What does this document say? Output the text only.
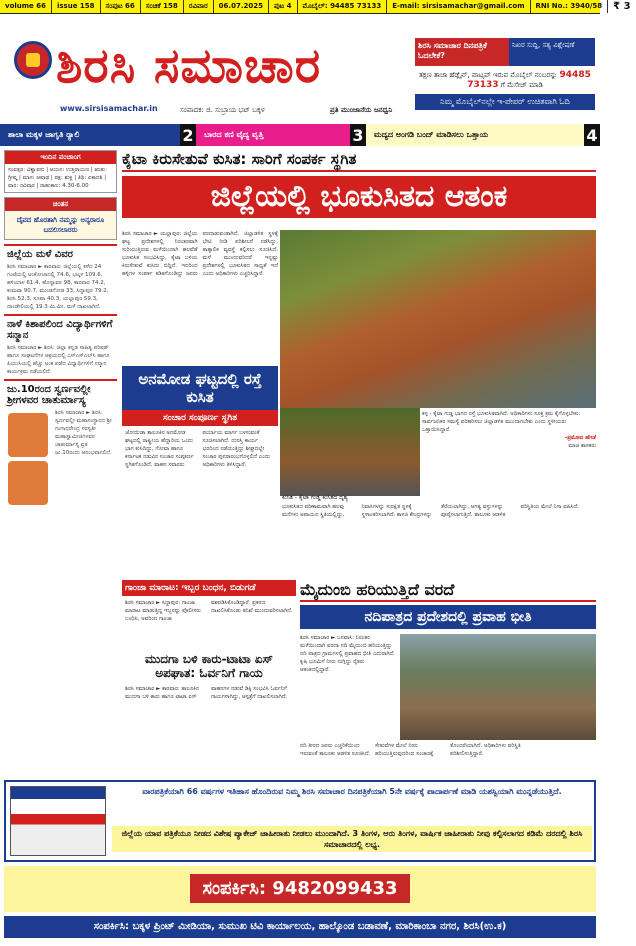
volume 66	issue 158	ಸಂಪುಟ 66	ಸಂಚಿಕೆ 158	ರವಿವಾರ	06.07.2025	ಪುಟ 4	ಮೊಬೈಲ್: 94485 73133	E-mail: sirsisamachar@gmail.com	RNI No.: 3940/58	₹ 3
ಶಿರಸಿ ಸಮಾಚಾರ
www.sirsisamachar.in	ಸಂಪಾದಕ: ಜಿ. ಸುಬ್ರಾಯ ಭಟ್ ಬಕ್ಕಳ	ಪ್ರತಿ ಮುಂಜಾನೆಯ ಜನಧ್ವನಿ
ಶಿರಸಿ ಸಮಾಚಾರ ದಿನಪತ್ರಿಕೆ ಓದಲೇಕೆ?
ನಿಖರ ಸುದ್ದಿ, ಸತ್ಯ ವಿಶ್ಲೇಷಣೆ
ತಕ್ಷಣ ತಾಜಾ ಹೆಡ್ಲೈನ್, ವಾಟ್ಸಪ್ ಇರುವ ಮೊಬೈಲ್ ನಂಬರನ್ನು 94485 73133 ಗೆ ಮೆಸೇಜ್ ಮಾಡಿ
ನಿಮ್ಮ ಮೊಬೈಲ್‌ನಲ್ಲೇ ಇ-ಪೇಪರ್ ಉಚಿತವಾಗಿ ಓದಿ
ಶಾಲಾ ಮಕ್ಕಳ ಜಾಗೃತಿ ರ‍್ಯಾಲಿ	2	ಬಾರದ ಕಣಿ ವೈದ್ಯ ವೃತ್ತಿ	3	ಮದ್ಯದ ಅಂಗಡಿ ಬಂದ್ ಮಾಡಿಸಲು ಒತ್ತಾಯ	4
ಇಂದಿನ ಪಂಚಾಂಗ
ಸಂವತ್ಸರ: ವಿಶ್ವಾವಸು | ಆಯನ: ಉತ್ತರಾಯಣ | ಋತು: ಗ್ರೀಷ್ಮ | ಮಾಸ: ಆಷಾಢ | ಪಕ್ಷ: ಶುಕ್ಲ | ತಿಥಿ: ಏಕಾದಶಿ | ವಾರ: ರವಿವಾರ | ರಾಹುಕಾಲ: 4.30-6.00
ಚಿಂತನ
ದೈವದ ಹೊರತಾಗಿ ನಮ್ಮನ್ನು ಅನ್ಯರಾರೂ ಬದಲಿಸಲಾರರು
ಜಿಲ್ಲೆಯ ಮಳೆ ವಿವರ
ಶಿರಸಿ ಸಮಾಚಾರ ► ಕಾರವಾರ: ಜಿಲ್ಲೆಯಲ್ಲಿ ಕಳೆದ 24 ಗಂಟೆಯಲ್ಲಿ ಅಂಕೋಲಾದಲ್ಲಿ 74.6, ಭಟ್ಕಳ 109.6, ಹಳಿಯಾಳ 61.4, ಹೊನ್ನಾವರ 98, ಕಾರವಾರ 74.2, ಕುಮಟಾ 90.7, ಮುಂಡಗೋಡ 33, ಸಿದ್ದಾಪುರ 79.2, ಶಿರಸಿ 52.3, ಸೂಪಾ 40.3, ಯಲ್ಲಾಪುರ 59.3, ದಾಂಡೇಲಿಯಲ್ಲಿ 19.3 ಮಿ.ಮೀ. ಮಳೆ ದಾಖಲಾಗಿದೆ.
ನಾಳೆ ಕಿಶಾಪಲಿಂದ ವಿದ್ಯಾರ್ಥಿಗಳಿಗೆ ಸನ್ಮಾನ
ಶಿರಸಿ ಸಮಾಚಾರ ► ಶಿರಸಿ: ಜಿಲ್ಲಾ ಕನ್ನಡ ಸಾಹಿತ್ಯ ಪರಿಷತ್ ಹಾಗೂ ಸಂಘಟನೆಗಳ ಆಶ್ರಯದಲ್ಲಿ ಎಸ್ಎಸ್ಎಲ್‌ಸಿ ಹಾಗೂ ಪಿಯುಸಿಯಲ್ಲಿ ಹೆಚ್ಚು ಅಂಕ ಪಡೆದ ವಿದ್ಯಾರ್ಥಿಗಳಿಗೆ ಸನ್ಮಾನ ಕಾರ್ಯಕ್ರಮ ನಡೆಯಲಿದೆ.
ಜು.10ರಂದ ಸ್ವರ್ಣವಲ್ಲೀ ಶ್ರೀಗಳವರ ಚಾತುರ್ಮಾಸ್ಯ
ಶಿರಸಿ ಸಮಾಚಾರ ► ಶಿರಸಿ: ಸ್ವರ್ಣವಲ್ಲೀ ಮಹಾಸಂಸ್ಥಾನದ ಶ್ರೀ ಗಂಗಾಧರೇಂದ್ರ ಸರಸ್ವತೀ ಮಹಾಸ್ವಾಮೀಜಿಗಳವರ ಚಾತುರ್ಮಾಸ್ಯ ವ್ರತ ಜು.10ರಂದು ಆರಂಭವಾಗಲಿದೆ.
ಕೈಟಾ ಕಿರುಸೇತುವೆ ಕುಸಿತ: ಸಾರಿಗೆ ಸಂಪರ್ಕ ಸ್ಥಗಿತ
ಜಿಲ್ಲೆಯಲ್ಲಿ ಭೂಕುಸಿತದ ಆತಂಕ
ಶಿರಸಿ ಸಮಾಚಾರ ► ಯಲ್ಲಾಪುರ: ಜಿಲ್ಲೆಯ ಘಟ್ಟ ಪ್ರದೇಶಗಳಲ್ಲಿ ನಿರಂತರವಾಗಿ ಸುರಿಯುತ್ತಿರುವ ಮಳೆಯಿಂದಾಗಿ ಹಲವೆಡೆ ಭೂಕುಸಿತ ಸಂಭವಿಸಿದ್ದು, ಕೈಟಾ ಬಳಿಯ ಕಿರುಸೇತುವೆ ಕುಸಿದು ಬಿದ್ದಿದೆ. ಇದರಿಂದ ಹಳ್ಳಿಗಳ ಸಂಪರ್ಕ ಕಡಿತಗೊಂಡಿದ್ದು ಜನರು ಪರದಾಡುವಂತಾಗಿದೆ. ಜಿಲ್ಲಾಡಳಿತ ಸ್ಥಳಕ್ಕೆ ಭೇಟಿ ನೀಡಿ ಪರಿಶೀಲನೆ ನಡೆಸಿದ್ದು, ತಾತ್ಕಾಲಿಕ ವ್ಯವಸ್ಥೆ ಕಲ್ಪಿಸಲು ಸೂಚಿಸಿದೆ. ಮಳೆ ಮುಂದುವರಿದರೆ ಇನ್ನಷ್ಟು ಪ್ರದೇಶಗಳಲ್ಲಿ ಭೂಕುಸಿತದ ಸಾಧ್ಯತೆ ಇದೆ ಎಂದು ಅಧಿಕಾರಿಗಳು ಎಚ್ಚರಿಸಿದ್ದಾರೆ.
ಕುಸಿತ - ಕೈಟಾ ಗುಡ್ಡ ಕುಸಿತದ ದೃಶ್ಯ
ಅನಮೋಡ ಘಟ್ಟದಲ್ಲಿ ರಸ್ತೆ ಕುಸಿತ
ಸಂಚಾರ ಸಂಪೂರ್ಣ ಸ್ಥಗಿತ
ಜೋಯಿಡಾ ತಾಲೂಕಿನ ಅನಮೋಡ ಘಟ್ಟದಲ್ಲಿ ರಾಷ್ಟ್ರೀಯ ಹೆದ್ದಾರಿಯ ಒಂದು ಭಾಗ ಕುಸಿದಿದ್ದು, ಗೋವಾ ಹಾಗೂ ಕರ್ನಾಟಕ ನಡುವಿನ ಸಂಚಾರ ಸಂಪೂರ್ಣ ಸ್ಥಗಿತಗೊಂಡಿದೆ. ವಾಹನ ಸವಾರರು ಪರ್ಯಾಯ ಮಾರ್ಗ ಬಳಸುವಂತೆ ಸೂಚಿಸಲಾಗಿದೆ. ದುರಸ್ತಿ ಕಾರ್ಯ ಭರದಿಂದ ನಡೆಯುತ್ತಿದ್ದು ಶೀಘ್ರದಲ್ಲೇ ಸಂಚಾರ ಪುನರಾರಂಭಗೊಳ್ಳಲಿದೆ ಎಂದು ಅಧಿಕಾರಿಗಳು ತಿಳಿಸಿದ್ದಾರೆ.
ಕಳ್ಳ - ಕೈಟಾ ಗುಡ್ಡ ಭಾಗದ ರಸ್ತೆ ಭೂಕುಸಿತವಾಗಿದೆ. ಅಧಿಕಾರಿಗಳು ಸೂಕ್ತ ಕ್ರಮ ಕೈಗೊಳ್ಳಬೇಕು. ಸಾರ್ವಜನಿಕರ ಸಮಸ್ಯೆ ಪರಿಹರಿಸಲು ಜಿಲ್ಲಾಡಳಿತ ಮುಂದಾಗಬೇಕು ಎಂದು ಸ್ಥಳೀಯರು ಒತ್ತಾಯಿಸಿದ್ದಾರೆ.
-ಪ್ರಮೋದ ಹೆಗಡೆ
ಮಾಜಿ ಶಾಸಕರು
ಭೂಕುಸಿತದ ಪರಿಣಾಮವಾಗಿ ಹಲವು ಮನೆಗಳು ಅಪಾಯದ ಸ್ಥಿತಿಯಲ್ಲಿದ್ದು, ನಿವಾಸಿಗಳನ್ನು ಸುರಕ್ಷಿತ ಸ್ಥಳಕ್ಕೆ ಸ್ಥಳಾಂತರಿಸಲಾಗಿದೆ. ಕಾಳಜಿ ಕೇಂದ್ರಗಳನ್ನು ತೆರೆಯಲಾಗಿದ್ದು, ಅಗತ್ಯ ವಸ್ತುಗಳನ್ನು ಪೂರೈಸಲಾಗುತ್ತಿದೆ. ತಾಲೂಕು ಆಡಳಿತ ಪರಿಸ್ಥಿತಿಯ ಮೇಲೆ ನಿಗಾ ವಹಿಸಿದೆ.
ಗಾಂಜಾ ಮಾರಾಟ: ಇಬ್ಬರ ಬಂಧನ, ಬಿಡುಗಡೆ
ಶಿರಸಿ ಸಮಾಚಾರ ► ಸಿದ್ದಾಪುರ: ಗಾಂಜಾ ಮಾರಾಟ ಮಾಡುತ್ತಿದ್ದ ಇಬ್ಬರನ್ನು ಪೊಲೀಸರು ಬಂಧಿಸಿ, ಅವರಿಂದ ಗಾಂಜಾ ವಶಪಡಿಸಿಕೊಂಡಿದ್ದಾರೆ. ಪ್ರಕರಣ ದಾಖಲಿಸಿಕೊಂಡು ತನಿಖೆ ಮುಂದುವರಿಸಲಾಗಿದೆ.
ಮುದಗಾ ಬಳಿ ಕಾರು-ಟಾಟಾ ಏಸ್ ಅಪಘಾತ: ಓರ್ವನಿಗೆ ಗಾಯ
ಶಿರಸಿ ಸಮಾಚಾರ ► ಕಾರವಾರ: ತಾಲೂಕಿನ ಮುದಗಾ ಬಳಿ ಕಾರು ಹಾಗೂ ಟಾಟಾ ಏಸ್ ವಾಹನಗಳ ನಡುವೆ ಡಿಕ್ಕಿ ಸಂಭವಿಸಿ ಓರ್ವನಿಗೆ ಗಾಯಗಳಾಗಿದ್ದು, ಆಸ್ಪತ್ರೆಗೆ ದಾಖಲಿಸಲಾಗಿದೆ.
ಮೈದುಂಬಿ ಹರಿಯುತ್ತಿದೆ ವರದೆ
ನದಿಪಾತ್ರದ ಪ್ರದೇಶದಲ್ಲಿ ಪ್ರವಾಹ ಭೀತಿ
ಶಿರಸಿ ಸಮಾಚಾರ ► ಬನವಾಸಿ: ನಿರಂತರ ಮಳೆಯಿಂದಾಗಿ ವರದಾ ನದಿ ಮೈದುಂಬಿ ಹರಿಯುತ್ತಿದ್ದು ನದಿ ಪಾತ್ರದ ಗ್ರಾಮಗಳಲ್ಲಿ ಪ್ರವಾಹದ ಭೀತಿ ಎದುರಾಗಿದೆ. ಕೃಷಿ ಭೂಮಿಗೆ ನೀರು ನುಗ್ಗಿದ್ದು ರೈತರು ಆತಂಕದಲ್ಲಿದ್ದಾರೆ.
ನದಿ ತೀರದ ಜನರು ಎಚ್ಚರಿಕೆಯಿಂದ ಇರುವಂತೆ ತಾಲೂಕು ಆಡಳಿತ ಸೂಚಿಸಿದೆ. ಸೇತುವೆಗಳ ಮೇಲೆ ನೀರು ಹರಿಯುತ್ತಿರುವುದರಿಂದ ಸಂಚಾರಕ್ಕೆ ತೊಂದರೆಯಾಗಿದೆ. ಅಧಿಕಾರಿಗಳು ಪರಿಸ್ಥಿತಿ ಪರಿಶೀಲಿಸುತ್ತಿದ್ದಾರೆ.
ವಾರಪತ್ರಿಕೆಯಾಗಿ 66 ವರ್ಷಗಳ ಇತಿಹಾಸ ಹೊಂದಿರುವ ನಿಮ್ಮ ಶಿರಸಿ ಸಮಾಚಾರ ದಿನಪತ್ರಿಕೆಯಾಗಿ 5ನೇ ವರ್ಷಕ್ಕೆ ಪಾದಾರ್ಪಣೆ ಮಾಡಿ ಯಶಸ್ವಿಯಾಗಿ ಮುನ್ನಡೆಯುತ್ತಿದೆ.
ಜಿಲ್ಲೆಯ ಯಾವ ಪತ್ರಿಕೆಯೂ ನೀಡದ ವಿಶೇಷ ಪ್ಯಾಕೇಜ್ ಜಾಹೀರಾತು ನೀಡಲು ಮುಂದಾಗಿದೆ. 3 ತಿಂಗಳ, ಆರು ತಿಂಗಳ, ವಾರ್ಷಿಕ ಜಾಹೀರಾತು ನೀವು ಕಲ್ಪಿಸಲಾಗದ ಕಡಿಮೆ ದರದಲ್ಲಿ ಶಿರಸಿ ಸಮಾಚಾರದಲ್ಲಿ ಲಭ್ಯ.
ಸಂಪರ್ಕಿಸಿ: 9482099433
ಸಂಪರ್ಕಿಸಿ: ಬಕ್ಕಳ ಪ್ರಿಂಟ್ ಮೀಡಿಯಾ, ಸುಮುಖ ಟಿವಿ ಕಾರ್ಯಾಲಯ, ಹಾಲ್ಕೊಂಡ ಬಡಾವಣೆ, ಮಾರಿಕಾಂಬಾ ನಗರ, ಶಿರಸಿ(ಉ.ಕ)
